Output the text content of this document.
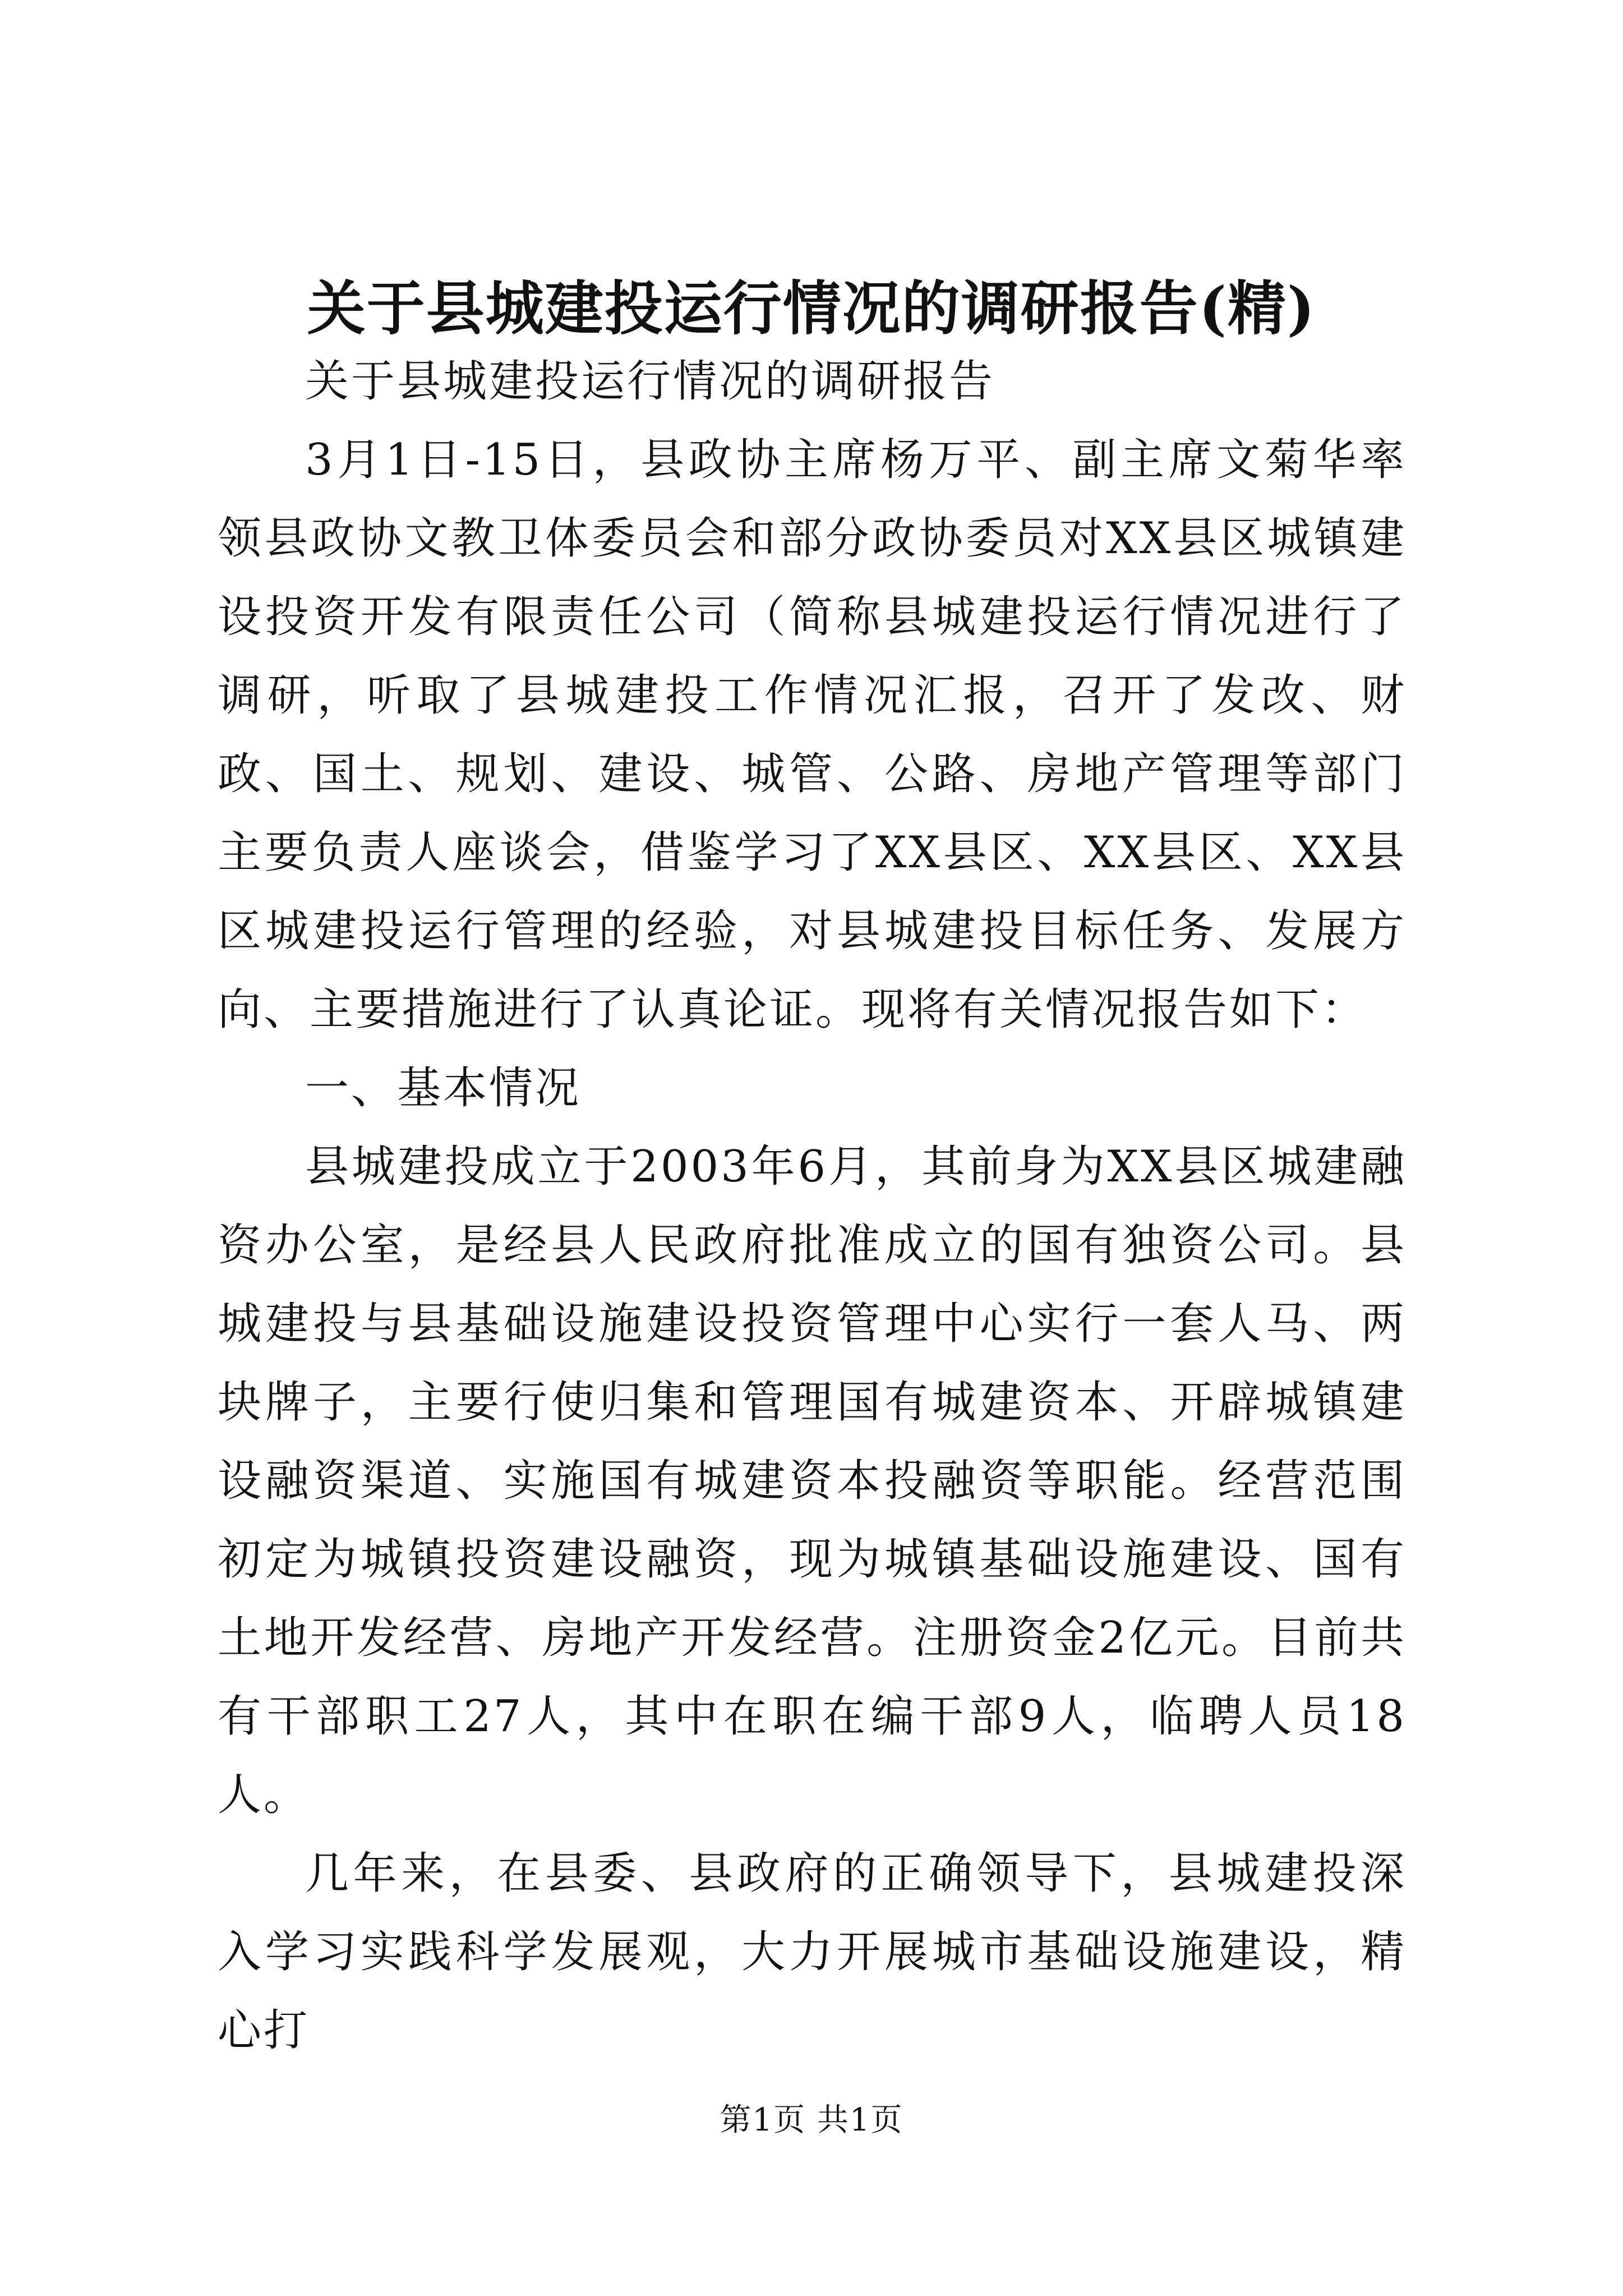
关于县城建投运行情况的调研报告(精)

关于县城建投运行情况的调研报告

3月1日-15日，县政协主席杨万平、副主席文菊华率领县政协文教卫体委员会和部分政协委员对XX县区城镇建设投资开发有限责任公司（简称县城建投运行情况进行了调研，听取了县城建投工作情况汇报，召开了发改、财政、国土、规划、建设、城管、公路、房地产管理等部门主要负责人座谈会，借鉴学习了XX县区、XX县区、XX县区城建投运行管理的经验，对县城建投目标任务、发展方向、主要措施进行了认真论证。现将有关情况报告如下：

一、基本情况

县城建投成立于2003年6月，其前身为XX县区城建融资办公室，是经县人民政府批准成立的国有独资公司。县城建投与县基础设施建设投资管理中心实行一套人马、两块牌子，主要行使归集和管理国有城建资本、开辟城镇建设融资渠道、实施国有城建资本投融资等职能。经营范围初定为城镇投资建设融资，现为城镇基础设施建设、国有土地开发经营、房地产开发经营。注册资金2亿元。目前共有干部职工27人，其中在职在编干部9人，临聘人员18人。

几年来，在县委、县政府的正确领导下，县城建投深入学习实践科学发展观，大力开展城市基础设施建设，精心打

第1页 共1页
